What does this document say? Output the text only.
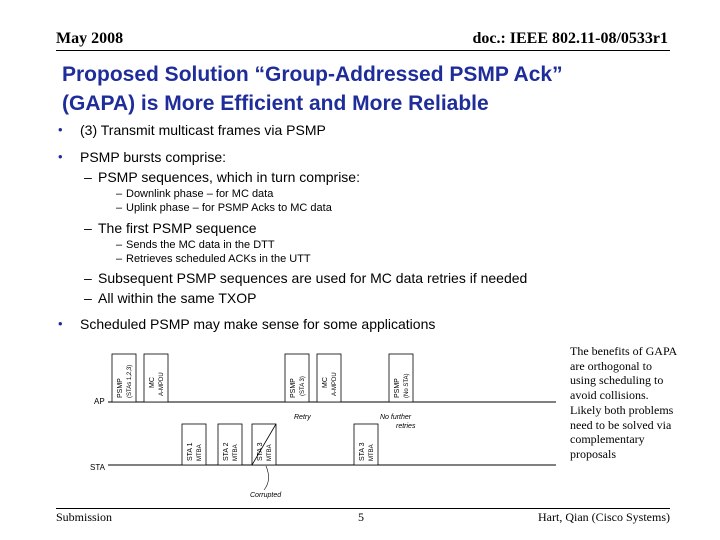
May 2008	doc.: IEEE 802.11-08/0533r1
Proposed Solution “Group-Addressed PSMP Ack”
(GAPA) is More Efficient and More Reliable
• (3) Transmit multicast frames via PSMP
• PSMP bursts comprise:
– PSMP sequences, which in turn comprise:
– Downlink phase – for MC data
– Uplink phase – for PSMP Acks to MC data
– The first PSMP sequence
– Sends the MC data in the DTT
– Retrieves scheduled ACKs in the UTT
– Subsequent PSMP sequences are used for MC data retries if needed
– All within the same TXOP
• Scheduled PSMP may make sense for some applications
AP
STA
PSMP (STAs 1,2,3) MC A-MPDU	PSMP (STA 3) MC A-MPDU	PSMP (No STA)
STA 1 MTBA	STA 2 MTBA	STA 3 MTBA	STA 3 MTBA
Retry	No further
retries
Corrupted
The benefits of GAPA are orthogonal to using scheduling to avoid collisions. Likely both problems need to be solved via complementary proposals
Submission	5	Hart, Qian (Cisco Systems)
